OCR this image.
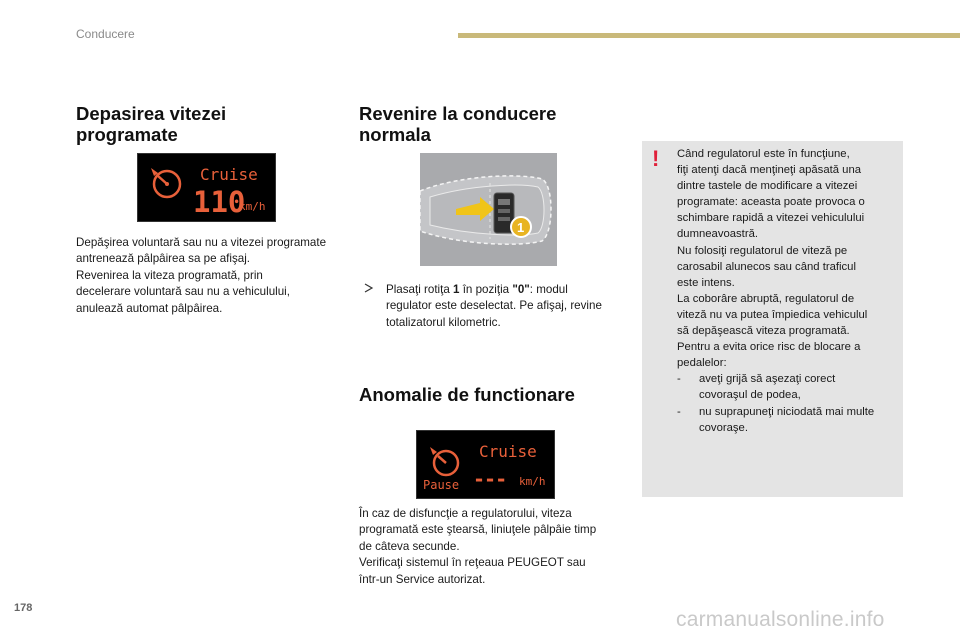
Conducere
Depasirea vitezei
programate
Cruise
110
km/h

Depăşirea voluntară sau nu a vitezei programate

antrenează pâlpâirea sa pe afişaj.

Revenirea la viteza programată, prin

decelerare voluntară sau nu a vehiculului,

anulează automat pâlpâirea.

Revenire la conducere
normala
1
Plasaţi rotiţa 1 în poziţia "0": modul
regulator este deselectat. Pe afişaj, revine
totalizatorul kilometric.
Anomalie de functionare
Cruise
Pause --- km/h

În caz de disfuncţie a regulatorului, viteza

programată este ştearsă, liniuţele pâlpâie timp

de câteva secunde.

Verificaţi sistemul în reţeaua PEUGEOT sau

într-un Service autorizat.

! Când regulatorul este în funcţiune,

fiţi atenţi dacă menţineţi apăsată una

dintre tastele de modificare a vitezei

programate: aceasta poate provoca o

schimbare rapidă a vitezei vehiculului

dumneavoastră.

Nu folosiţi regulatorul de viteză pe

carosabil alunecos sau când traficul

este intens.

La coborâre abruptă, regulatorul de

viteză nu va putea împiedica vehiculul

să depăşească viteza programată.

Pentru a evita orice risc de blocare a

pedalelor:

-	aveţi grijă să aşezaţi corect
covoraşul de podea,
-	nu suprapuneţi niciodată mai multe
covoraşe.
178	carmanualsonline.info
